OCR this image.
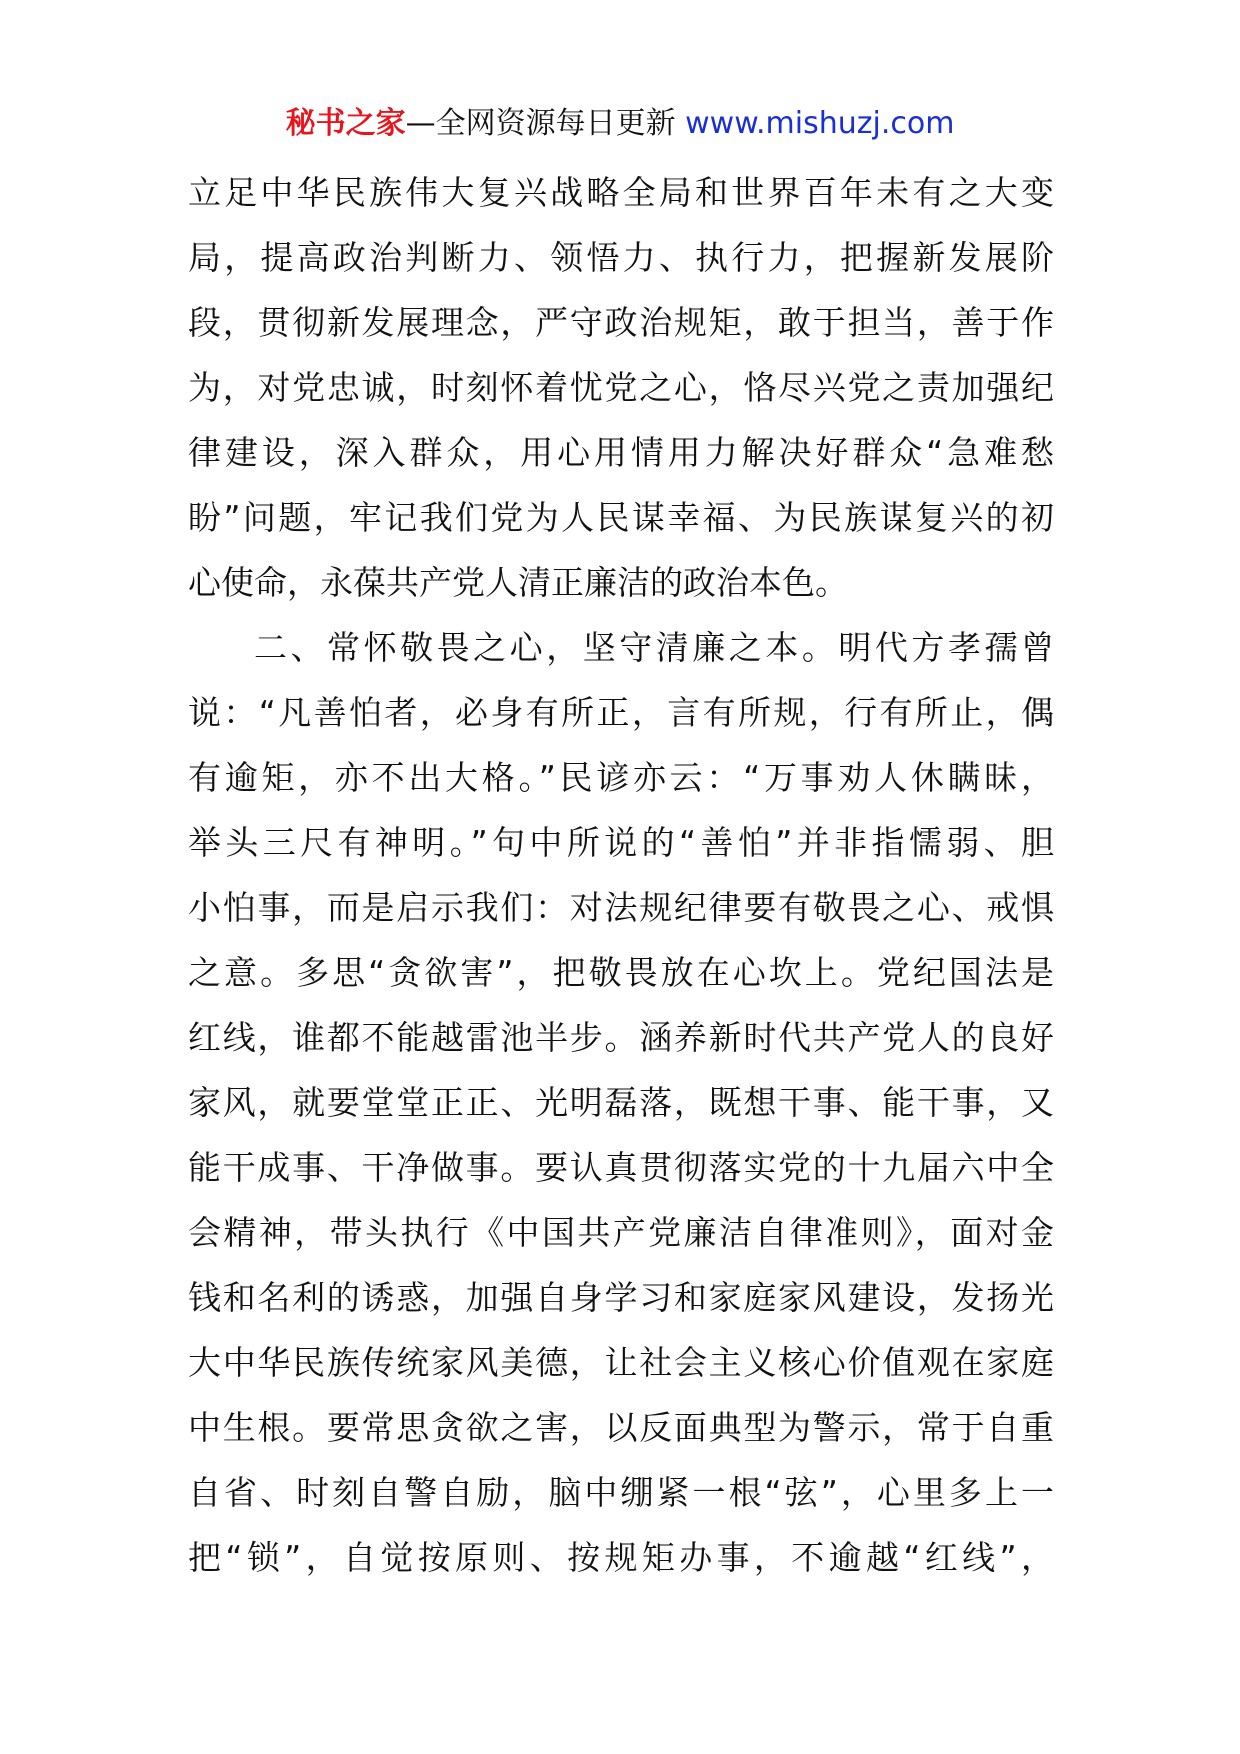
秘书之家—全网资源每日更新 www.mishuzj.com
立足中华民族伟大复兴战略全局和世界百年未有之大变
局，提高政治判断力、领悟力、执行力，把握新发展阶
段，贯彻新发展理念，严守政治规矩，敢于担当，善于作
为，对党忠诚，时刻怀着忧党之心，恪尽兴党之责加强纪
律建设，深入群众，用心用情用力解决好群众“急难愁
盼”问题，牢记我们党为人民谋幸福、为民族谋复兴的初
心使命，永葆共产党人清正廉洁的政治本色。
二、常怀敬畏之心，坚守清廉之本。明代方孝孺曾
说：“凡善怕者，必身有所正，言有所规，行有所止，偶
有逾矩，亦不出大格。”民谚亦云：“万事劝人休瞒昧，
举头三尺有神明。”句中所说的“善怕”并非指懦弱、胆
小怕事，而是启示我们：对法规纪律要有敬畏之心、戒惧
之意。多思“贪欲害”，把敬畏放在心坎上。党纪国法是
红线，谁都不能越雷池半步。涵养新时代共产党人的良好
家风，就要堂堂正正、光明磊落，既想干事、能干事，又
能干成事、干净做事。要认真贯彻落实党的十九届六中全
会精神，带头执行《中国共产党廉洁自律准则》，面对金
钱和名利的诱惑，加强自身学习和家庭家风建设，发扬光
大中华民族传统家风美德，让社会主义核心价值观在家庭
中生根。要常思贪欲之害，以反面典型为警示，常于自重
自省、时刻自警自励，脑中绷紧一根“弦”，心里多上一
把“锁”，自觉按原则、按规矩办事，不逾越“红线”，
